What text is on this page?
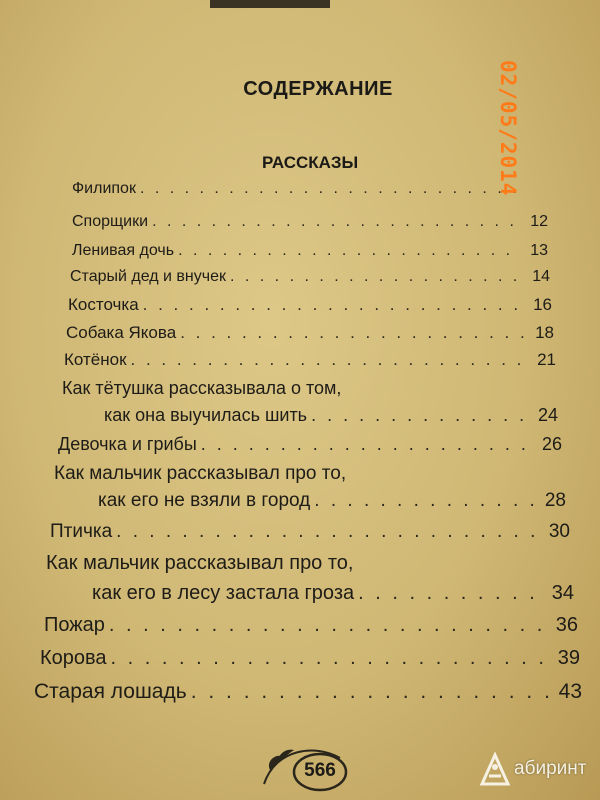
СОДЕРЖАНИЕ
РАССКАЗЫ
Филипок
. . .
Спорщики . . .	12
Ленивая дочь . . .	13
Старый дед и внучек . . .	14
Косточка . . .	16
Собака Якова . . .	18
Котёнок . . .	21
Как тётушка рассказывала о том,
как она выучилась шить . . .	24
Девочка и грибы . . .	26
Как мальчик рассказывал про то,
как его не взяли в город . . .	28
Птичка . . .	30
Как мальчик рассказывал про то,
как его в лесу застала гроза . . .	34
Пожар . . .	36
Корова . . .	39
Старая лошадь . . .	43
02/05/2014
566	абиринт
